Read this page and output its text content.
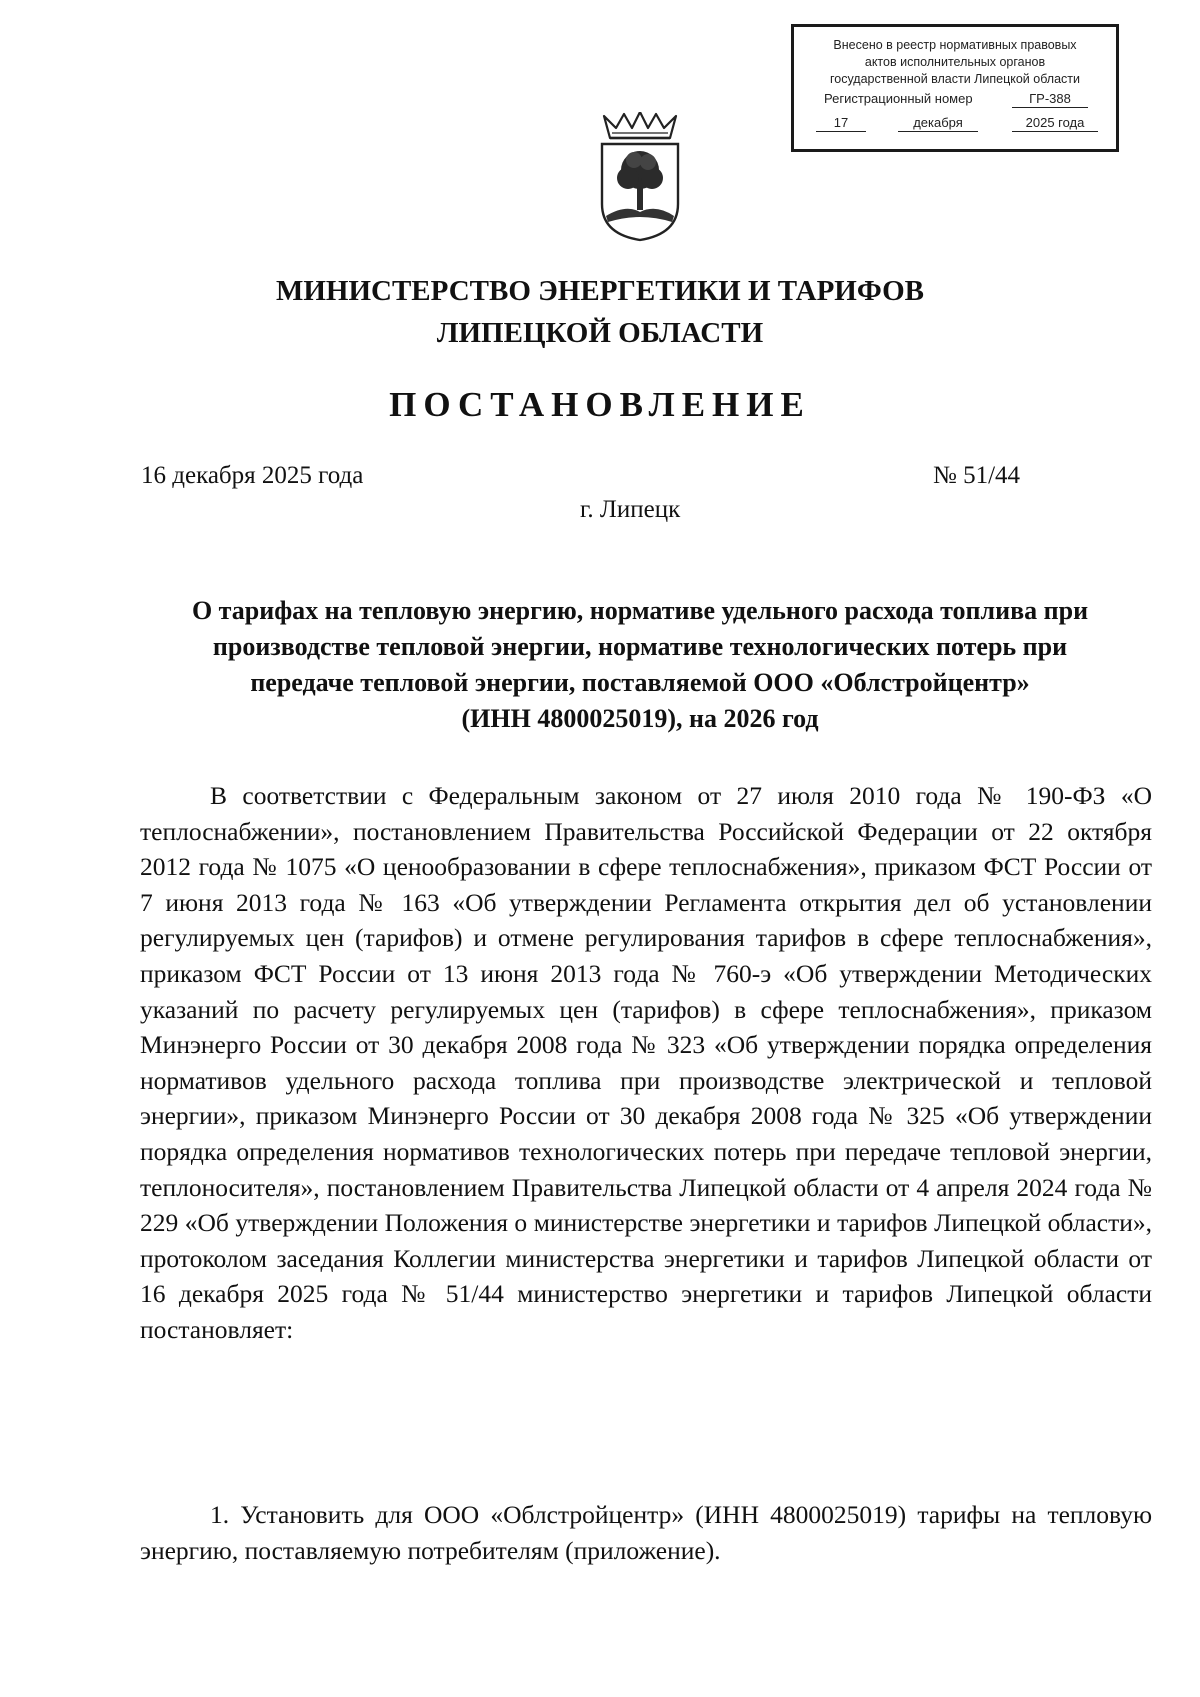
Внесено в реестр нормативных правовых
актов исполнительных органов
государственной власти Липецкой области
Регистрационный номер	ГР-388
17	декабря	2025 года
МИНИСТЕРСТВО ЭНЕРГЕТИКИ И ТАРИФОВ
ЛИПЕЦКОЙ ОБЛАСТИ
ПОСТАНОВЛЕНИЕ
16 декабря 2025 года	№ 51/44
г. Липецк
О тарифах на тепловую энергию, нормативе удельного расхода топлива при
производстве тепловой энергии, нормативе технологических потерь при
передаче тепловой энергии, поставляемой ООО «Облстройцентр»
(ИНН 4800025019), на 2026 год
В соответствии с Федеральным законом от 27 июля 2010 года № 190-ФЗ «О теплоснабжении», постановлением Правительства Российской Федерации от 22 октября 2012 года № 1075 «О ценообразовании в сфере теплоснабжения», приказом ФСТ России от 7 июня 2013 года № 163 «Об утверждении Регламента открытия дел об установлении регулируемых цен (тарифов) и отмене регулирования тарифов в сфере теплоснабжения», приказом ФСТ России от 13 июня 2013 года № 760-э «Об утверждении Методических указаний по расчету регулируемых цен (тарифов) в сфере теплоснабжения», приказом Минэнерго России от 30 декабря 2008 года № 323 «Об утверждении порядка определения нормативов удельного расхода топлива при производстве электрической и тепловой энергии», приказом Минэнерго России от 30 декабря 2008 года № 325 «Об утверждении порядка определения нормативов технологических потерь при передаче тепловой энергии, теплоносителя», постановлением Правительства Липецкой области от 4 апреля 2024 года № 229 «Об утверждении Положения о министерстве энергетики и тарифов Липецкой области», протоколом заседания Коллегии министерства энергетики и тарифов Липецкой области от 16 декабря 2025 года № 51/44 министерство энергетики и тарифов Липецкой области постановляет:
1. Установить для ООО «Облстройцентр» (ИНН 4800025019) тарифы на тепловую энергию, поставляемую потребителям (приложение).
